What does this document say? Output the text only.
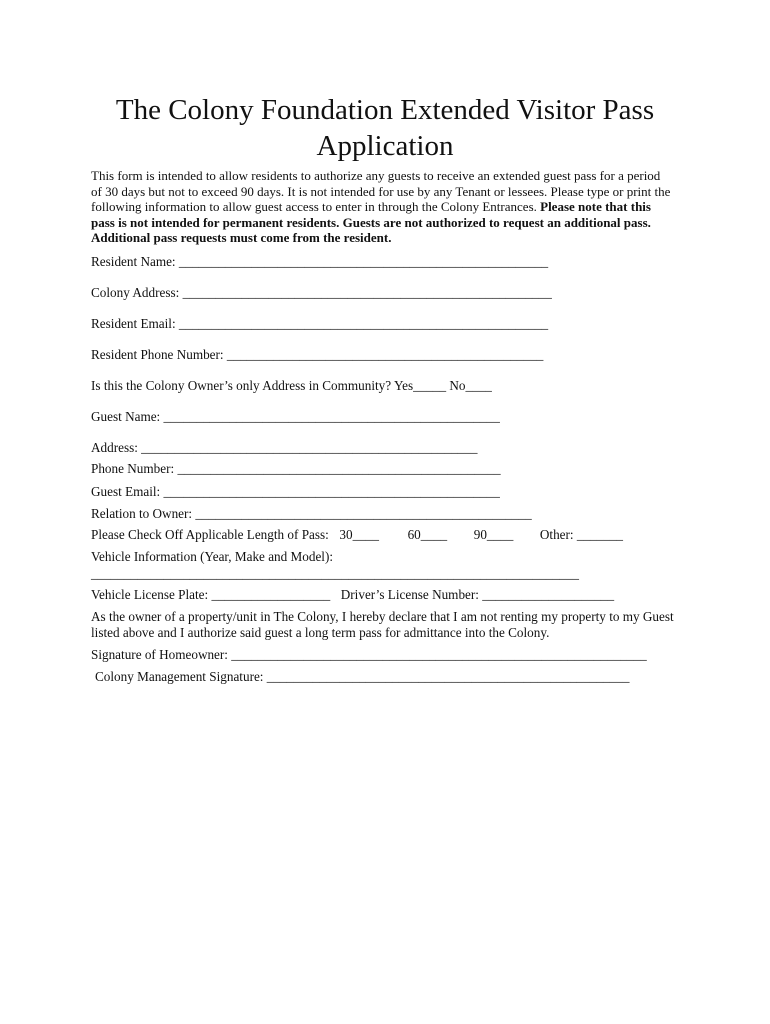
The Colony Foundation Extended Visitor Pass Application
This form is intended to allow residents to authorize any guests to receive an extended guest pass for a period of 30 days but not to exceed 90 days. It is not intended for use by any Tenant or lessees. Please type or print the following information to allow guest access to enter in through the Colony Entrances. Please note that this pass is not intended for permanent residents. Guests are not authorized to request an additional pass. Additional pass requests must come from the resident.
Resident Name: ________________________________________________________
Colony Address: ________________________________________________________
Resident Email: ________________________________________________________
Resident Phone Number: ________________________________________________
Is this the Colony Owner’s only Address in Community? Yes_____ No____
Guest Name: ___________________________________________________
Address: ___________________________________________________
Phone Number: _________________________________________________
Guest Email: ___________________________________________________
Relation to Owner: ___________________________________________________
Please Check Off Applicable Length of Pass: 30____ 60____ 90____ Other: _______
Vehicle Information (Year, Make and Model):
__________________________________________________________________________
Vehicle License Plate: __________________ Driver’s License Number: ____________________
As the owner of a property/unit in The Colony, I hereby declare that I am not renting my property to my Guest listed above and I authorize said guest a long term pass for admittance into the Colony.
Signature of Homeowner: _______________________________________________________________
Colony Management Signature: _______________________________________________________
